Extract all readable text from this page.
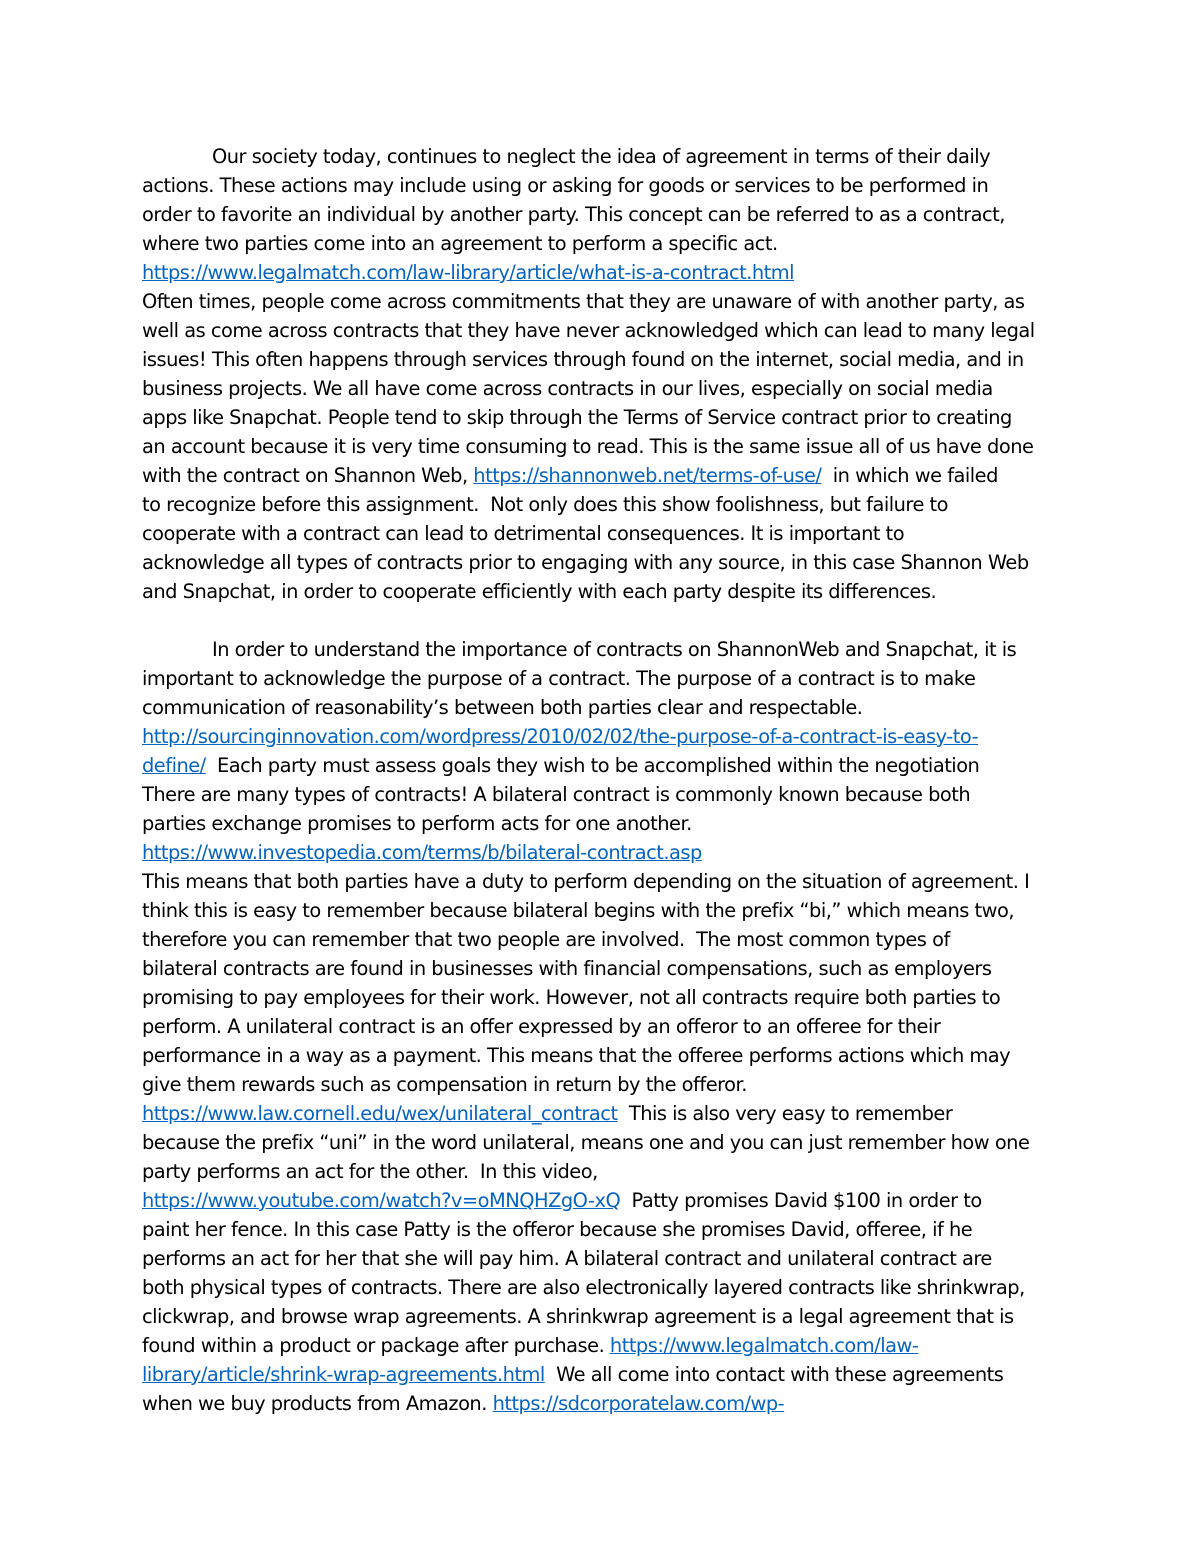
Our society today, continues to neglect the idea of agreement in terms of their daily
actions. These actions may include using or asking for goods or services to be performed in
order to favorite an individual by another party. This concept can be referred to as a contract,
where two parties come into an agreement to perform a specific act.
https://www.legalmatch.com/law-library/article/what-is-a-contract.html
Often times, people come across commitments that they are unaware of with another party, as
well as come across contracts that they have never acknowledged which can lead to many legal
issues! This often happens through services through found on the internet, social media, and in
business projects. We all have come across contracts in our lives, especially on social media
apps like Snapchat. People tend to skip through the Terms of Service contract prior to creating
an account because it is very time consuming to read. This is the same issue all of us have done
with the contract on Shannon Web, https://shannonweb.net/terms-of-use/  in which we failed
to recognize before this assignment.  Not only does this show foolishness, but failure to
cooperate with a contract can lead to detrimental consequences. It is important to
acknowledge all types of contracts prior to engaging with any source, in this case Shannon Web
and Snapchat, in order to cooperate efficiently with each party despite its differences.
In order to understand the importance of contracts on ShannonWeb and Snapchat, it is
important to acknowledge the purpose of a contract. The purpose of a contract is to make
communication of reasonability’s between both parties clear and respectable.
http://sourcinginnovation.com/wordpress/2010/02/02/the-purpose-of-a-contract-is-easy-to-
define/  Each party must assess goals they wish to be accomplished within the negotiation
There are many types of contracts! A bilateral contract is commonly known because both
parties exchange promises to perform acts for one another.
https://www.investopedia.com/terms/b/bilateral-contract.asp
This means that both parties have a duty to perform depending on the situation of agreement. I
think this is easy to remember because bilateral begins with the prefix “bi,” which means two,
therefore you can remember that two people are involved.  The most common types of
bilateral contracts are found in businesses with financial compensations, such as employers
promising to pay employees for their work. However, not all contracts require both parties to
perform. A unilateral contract is an offer expressed by an offeror to an offeree for their
performance in a way as a payment. This means that the offeree performs actions which may
give them rewards such as compensation in return by the offeror.
https://www.law.cornell.edu/wex/unilateral_contract  This is also very easy to remember
because the prefix “uni” in the word unilateral, means one and you can just remember how one
party performs an act for the other.  In this video,
https://www.youtube.com/watch?v=oMNQHZgO-xQ  Patty promises David $100 in order to
paint her fence. In this case Patty is the offeror because she promises David, offeree, if he
performs an act for her that she will pay him. A bilateral contract and unilateral contract are
both physical types of contracts. There are also electronically layered contracts like shrinkwrap,
clickwrap, and browse wrap agreements. A shrinkwrap agreement is a legal agreement that is
found within a product or package after purchase. https://www.legalmatch.com/law-
library/article/shrink-wrap-agreements.html  We all come into contact with these agreements
when we buy products from Amazon. https://sdcorporatelaw.com/wp-
